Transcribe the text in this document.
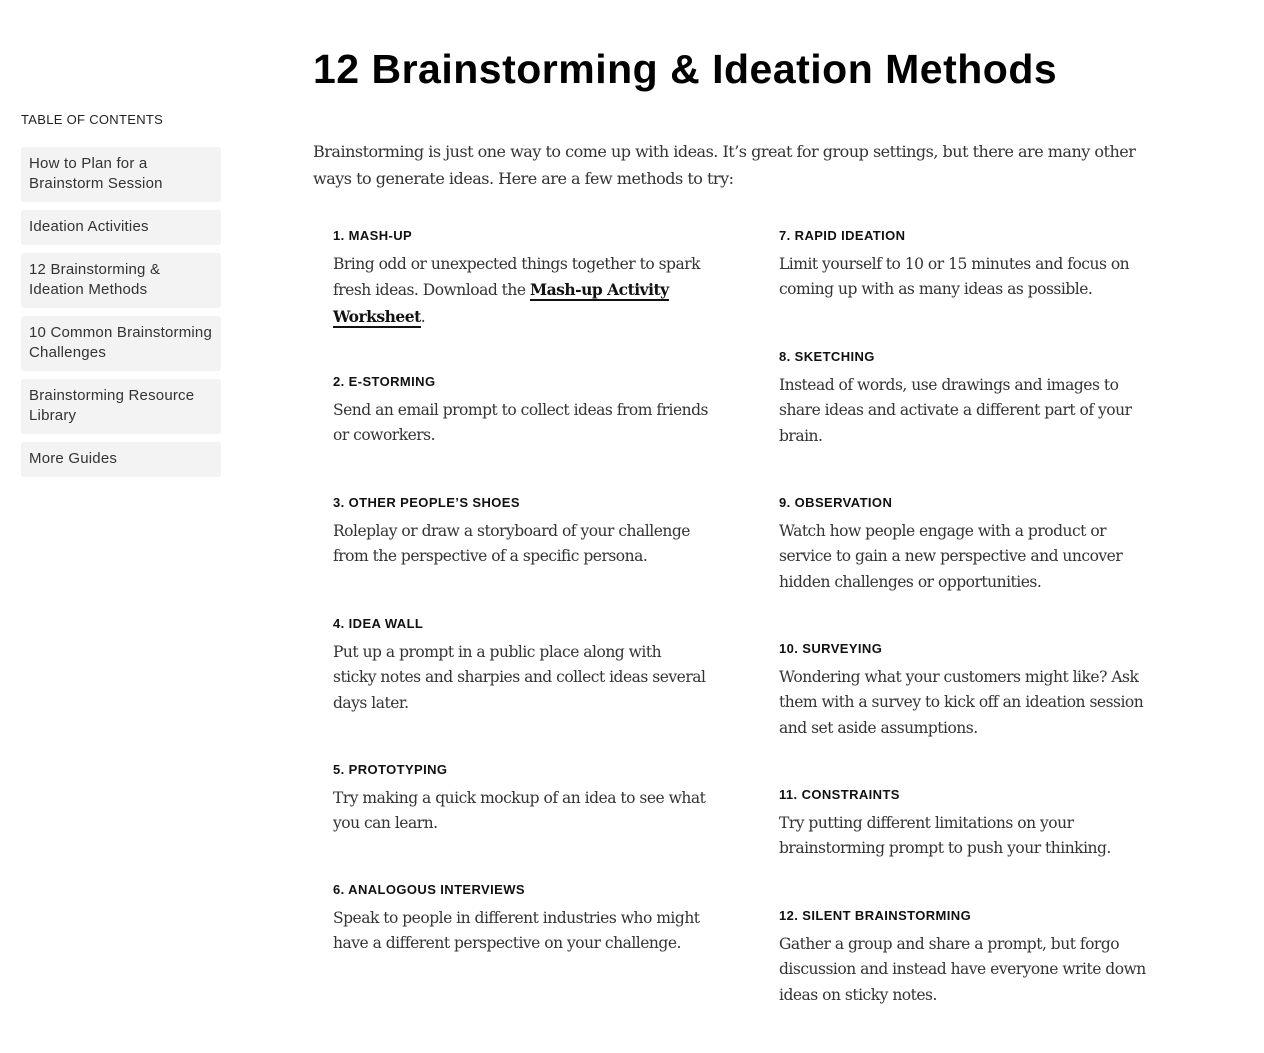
TABLE OF CONTENTS
How to Plan for a Brainstorm Session
Ideation Activities
12 Brainstorming & Ideation Methods
10 Common Brainstorming Challenges
Brainstorming Resource Library
More Guides
12 Brainstorming & Ideation Methods

Brainstorming is just one way to come up with ideas. It’s great for group settings, but there are many other ways to generate ideas. Here are a few methods to try:

1. MASH-UP

Bring odd or unexpected things together to spark fresh ideas. Download the Mash-up Activity Worksheet.

2. E-STORMING

Send an email prompt to collect ideas from friends or coworkers.

3. OTHER PEOPLE’S SHOES

Roleplay or draw a storyboard of your challenge from the perspective of a specific persona.

4. IDEA WALL

Put up a prompt in a public place along with sticky notes and sharpies and collect ideas several days later.

5. PROTOTYPING

Try making a quick mockup of an idea to see what you can learn.

6. ANALOGOUS INTERVIEWS

Speak to people in different industries who might have a different perspective on your challenge.

7. RAPID IDEATION

Limit yourself to 10 or 15 minutes and focus on coming up with as many ideas as possible.

8. SKETCHING

Instead of words, use drawings and images to share ideas and activate a different part of your brain.

9. OBSERVATION

Watch how people engage with a product or service to gain a new perspective and uncover hidden challenges or opportunities.

10. SURVEYING

Wondering what your customers might like? Ask them with a survey to kick off an ideation session and set aside assumptions.

11. CONSTRAINTS

Try putting different limitations on your brainstorming prompt to push your thinking.

12. SILENT BRAINSTORMING

Gather a group and share a prompt, but forgo discussion and instead have everyone write down ideas on sticky notes.
